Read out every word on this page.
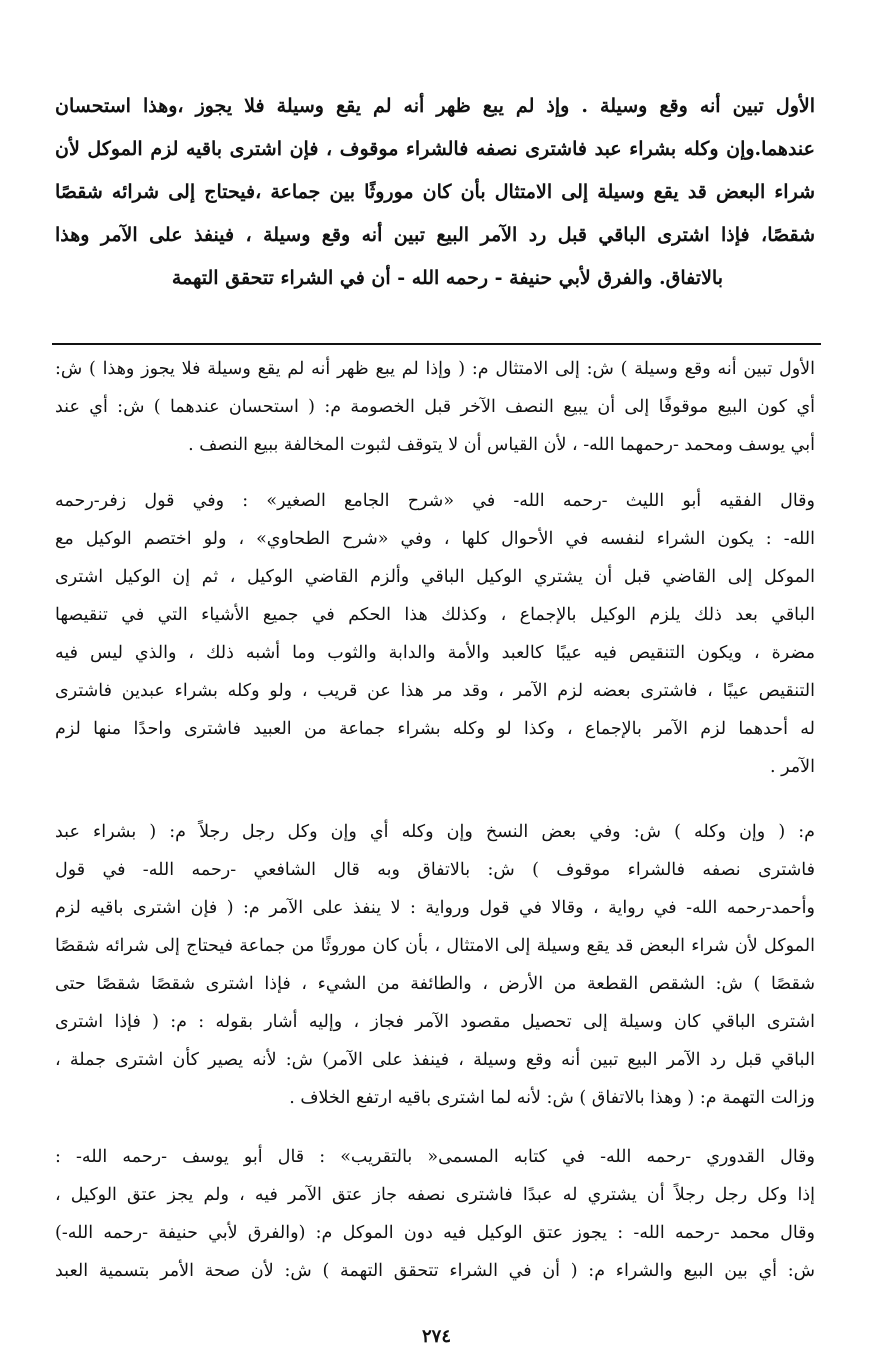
الأول تبين أنه وقع وسيلة . وإذ لم يبع ظهر أنه لم يقع وسيلة فلا يجوز ،وهذا استحسان
عندهما.وإن وكله بشراء عبد فاشترى نصفه فالشراء موقوف ، فإن اشترى باقيه لزم الموكل لأن
شراء البعض قد يقع وسيلة إلى الامتثال بأن كان موروثًا بين جماعة ،فيحتاج إلى شرائه شقصًا
شقصًا، فإذا اشترى الباقي قبل رد الآمر البيع تبين أنه وقع وسيلة ، فينفذ على الآمر وهذا
بالاتفاق. والفرق لأبي حنيفة - رحمه الله - أن في الشراء تتحقق التهمة
الأول تبين أنه وقع وسيلة ) ش: إلى الامتثال م: ( وإذا لم يبع ظهر أنه لم يقع وسيلة فلا يجوز وهذا ) ش:
أي كون البيع موقوفًا إلى أن يبيع النصف الآخر قبل الخصومة م: ( استحسان عندهما ) ش: أي عند
أبي يوسف ومحمد -رحمهما الله- ، لأن القياس أن لا يتوقف لثبوت المخالفة ببيع النصف .
وقال الفقيه أبو الليث -رحمه الله- في «شرح الجامع الصغير» : وفي قول زفر-رحمه
الله- : يكون الشراء لنفسه في الأحوال كلها ، وفي «شرح الطحاوي» ، ولو اختصم الوكيل مع
الموكل إلى القاضي قبل أن يشتري الوكيل الباقي وألزم القاضي الوكيل ، ثم إن الوكيل اشترى
الباقي بعد ذلك يلزم الوكيل بالإجماع ، وكذلك هذا الحكم في جميع الأشياء التي في تنقيصها
مضرة ، ويكون التنقيص فيه عيبًا كالعبد والأمة والدابة والثوب وما أشبه ذلك ، والذي ليس فيه
التنقيص عيبًا ، فاشترى بعضه لزم الآمر ، وقد مر هذا عن قريب ، ولو وكله بشراء عبدين فاشترى
له أحدهما لزم الآمر بالإجماع ، وكذا لو وكله بشراء جماعة من العبيد فاشترى واحدًا منها لزم
الآمر .
م: ( وإن وكله ) ش: وفي بعض النسخ وإن وكله أي وإن وكل رجل رجلاً م: ( بشراء عبد
فاشترى نصفه فالشراء موقوف ) ش: بالاتفاق وبه قال الشافعي -رحمه الله- في قول
وأحمد-رحمه الله- في رواية ، وقالا في قول ورواية : لا ينفذ على الآمر م: ( فإن اشترى باقيه لزم
الموكل لأن شراء البعض قد يقع وسيلة إلى الامتثال ، بأن كان موروثًا من جماعة فيحتاج إلى شرائه شقصًا
شقصًا ) ش: الشقص القطعة من الأرض ، والطائفة من الشيء ، فإذا اشترى شقصًا شقصًا حتى
اشترى الباقي كان وسيلة إلى تحصيل مقصود الآمر فجاز ، وإليه أشار بقوله : م: ( فإذا اشترى
الباقي قبل رد الآمر البيع تبين أنه وقع وسيلة ، فينفذ على الآمر) ش: لأنه يصير كأن اشترى جملة ،
وزالت التهمة م: ( وهذا بالاتفاق ) ش: لأنه لما اشترى باقيه ارتفع الخلاف .
وقال القدوري -رحمه الله- في كتابه المسمى« بالتقريب» : قال أبو يوسف -رحمه الله- :
إذا وكل رجل رجلاً أن يشتري له عبدًا فاشترى نصفه جاز عتق الآمر فيه ، ولم يجز عتق الوكيل ،
وقال محمد -رحمه الله- : يجوز عتق الوكيل فيه دون الموكل م: (والفرق لأبي حنيفة -رحمه الله-)
ش: أي بين البيع والشراء م: ( أن في الشراء تتحقق التهمة ) ش: لأن صحة الأمر بتسمية العبد
٢٧٤
